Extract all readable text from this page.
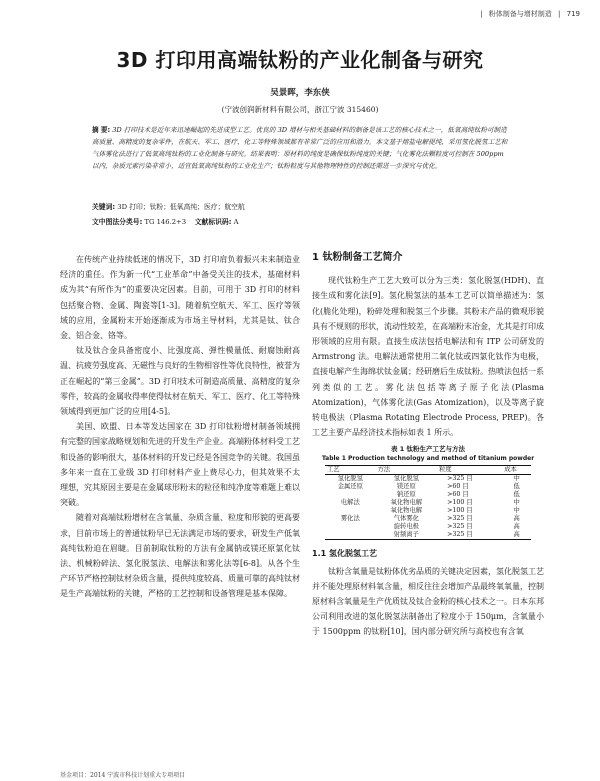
| 粉体制备与增材制造 | 719
3D 打印用高端钛粉的产业化制备与研究
吴景晖，李东侠
(宁波创润新材料有限公司，浙江宁波 315460)
摘 要: 3D 打印技术是近年来迅速崛起的先进成型工艺。优良的 3D 增材与相关基础材料的制备是该工艺的核心技术之一，低氧高纯钛粉可制造高质量、高精度的复杂零件，在航天、军工、医疗、化工等特殊领域都有非常广泛的应用和潜力。本文基于熔盐电解提纯，采用氢化脱氢工艺和气体雾化法进行了低氧高纯钛粉的工业化制备与研究。结果表明：原材料的纯度是确保钛粉纯度的关键；气化雾化法颗粒度可控制在 500ppm 以内，杂质元素污染非常小，适宜低氧高纯钛粉的工业化生产；钛粉粒度与其他物理特性的控制还需进一步深究与优化。
关键词: 3D 打印；钛粉；低氧高纯；医疗；航空航
文中图法分类号: TG 146.2+3 文献标识码: A

在传统产业持续低迷的情况下，3D 打印肩负着振兴未来制造业经济的重任。作为新一代“工业革命”中备受关注的技术，基础材料成为其“有所作为”的重要决定因素。目前，可用于 3D 打印的材料包括聚合物、金属、陶瓷等[1-3]。随着航空航天、军工、医疗等领域的应用，金属粉末开始逐渐成为市场主导材料，尤其是钛、钛合金、铝合金、铬等。

钛及钛合金具备密度小、比强度高、弹性模量低、耐腐蚀耐高温、抗疲劳强度高、无磁性与良好的生物相容性等优良特性，被誉为正在崛起的“第三金属”。3D 打印技术可制造高质量、高精度的复杂零件，较高的金属收得率使得钛材在航天、军工、医疗、化工等特殊领域得到更加广泛的应用[4-5]。

美国、欧盟、日本等发达国家在 3D 打印钛粉增材制备领域拥有完整的国家战略规划和先进的开发生产企业。高端粉体材料受工艺和设备的影响很大，基体材料的开发已经是各国竞争的关键。我国虽多年来一直在工业级 3D 打印材料产业上费尽心力，但其效果不太理想，究其原因主要是在金属球形粉末的粒径和纯净度等难题上难以突破。

随着对高端钛粉增材在含氧量、杂质含量、粒度和形貌的更高要求，目前市场上的普通钛粉早已无法满足市场的要求，研发生产低氧高纯钛粉迫在眉睫。目前制取钛粉的方法有金属钠或镁还原氯化钛法、机械粉碎法、氢化脱氢法、电解法和雾化法等[6-8]。从各个生产环节严格控制钛材杂质含量，提供纯度较高、质量可靠的高纯钛材是生产高端钛粉的关键，严格的工艺控制和设备管理是基本保障。

1 钛粉制备工艺简介

现代钛粉生产工艺大致可以分为三类：氢化脱氢(HDH)、直接生成和雾化法[9]。氢化脱氢法的基本工艺可以简单描述为：氢化(脆化处理)，粉碎处理和脱氢三个步骤。其粉末产品的微观形貌具有不规则的形状，流动性较差，在高端粉末冶金，尤其是打印成形领域的应用有限。直接生成法包括电解法和有 ITP 公司研发的 Armstrong 法。电解法通常使用二氧化钛或四氯化钛作为电极，直接电解产生海绵状钛金属；经研磨后生成钛粉。热喷法包括一系列类似的工艺。雾化法包括等离子原子化法(Plasma Atomization)，气体雾化法(Gas Atomization)，以及等离子旋转电极法（Plasma Rotating Electrode Process, PREP)。各工艺主要产品经济技术指标如表 1 所示。

表 1 钛粉生产工艺与方法
Table 1 Production technology and method of titanium powder
工艺	方法	粒度	成本
氢化脱氢	氢化脱氢	>325 目	中
金属还原	镁还原	>60 目	低
	钠还原	>60 目	低
电解法	氧化物电解	>100 目	中
	氧化物电解	>100 目	中
雾化法	气体雾化	>325 目	高
	旋转电极	>325 目	高
	射频离子	>325 目	高
1.1 氢化脱氢工艺

钛粉含氧量是钛粉体优劣品质的关键决定因素，氢化脱氢工艺并不能处理原材料氧含量，相反往往会增加产品最终氧氧量，控制原材料含氧量是生产优质钛及钛合金粉的核心技术之一。日本东邦公司利用改进的氢化脱氢法制备出了粒度小于 150μm，含氧量小于 1500ppm 的钛粉[10]，国内部分研究所与高校也有含氧

基金项目：2014 宁波市科技计划重大专项项目
